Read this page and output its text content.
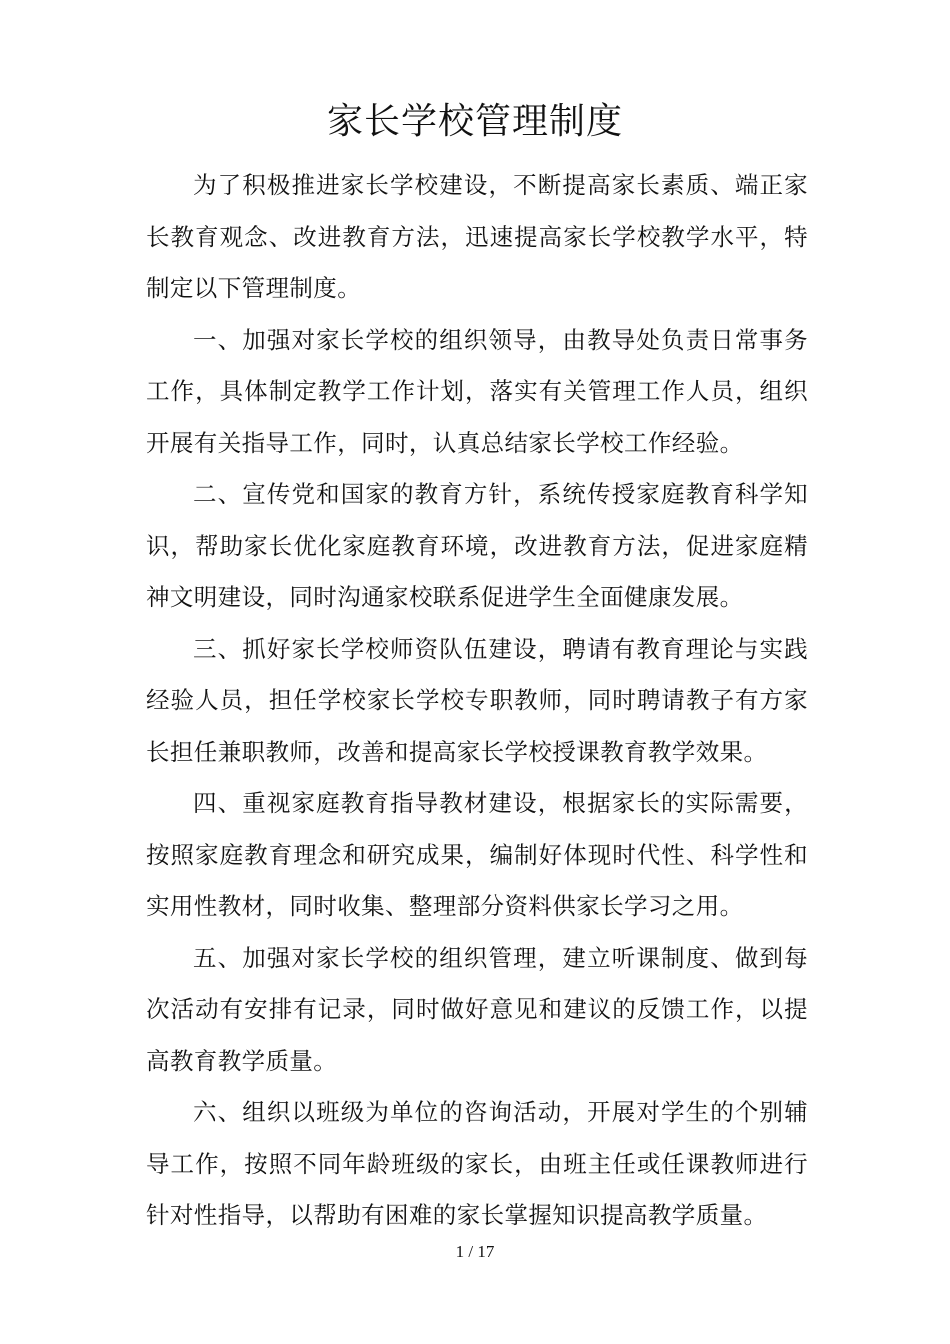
家长学校管理制度

为了积极推进家长学校建设，不断提高家长素质、端正家长教育观念、改进教育方法，迅速提高家长学校教学水平，特制定以下管理制度。

一、加强对家长学校的组织领导，由教导处负责日常事务工作，具体制定教学工作计划，落实有关管理工作人员，组织开展有关指导工作，同时，认真总结家长学校工作经验。

二、宣传党和国家的教育方针，系统传授家庭教育科学知识，帮助家长优化家庭教育环境，改进教育方法，促进家庭精神文明建设，同时沟通家校联系促进学生全面健康发展。

三、抓好家长学校师资队伍建设，聘请有教育理论与实践经验人员，担任学校家长学校专职教师，同时聘请教子有方家长担任兼职教师，改善和提高家长学校授课教育教学效果。

四、重视家庭教育指导教材建设，根据家长的实际需要，按照家庭教育理念和研究成果，编制好体现时代性、科学性和实用性教材，同时收集、整理部分资料供家长学习之用。

五、加强对家长学校的组织管理，建立听课制度、做到每次活动有安排有记录，同时做好意见和建议的反馈工作，以提高教育教学质量。

六、组织以班级为单位的咨询活动，开展对学生的个别辅导工作，按照不同年龄班级的家长，由班主任或任课教师进行针对性指导，以帮助有困难的家长掌握知识提高教学质量。

1 / 17
